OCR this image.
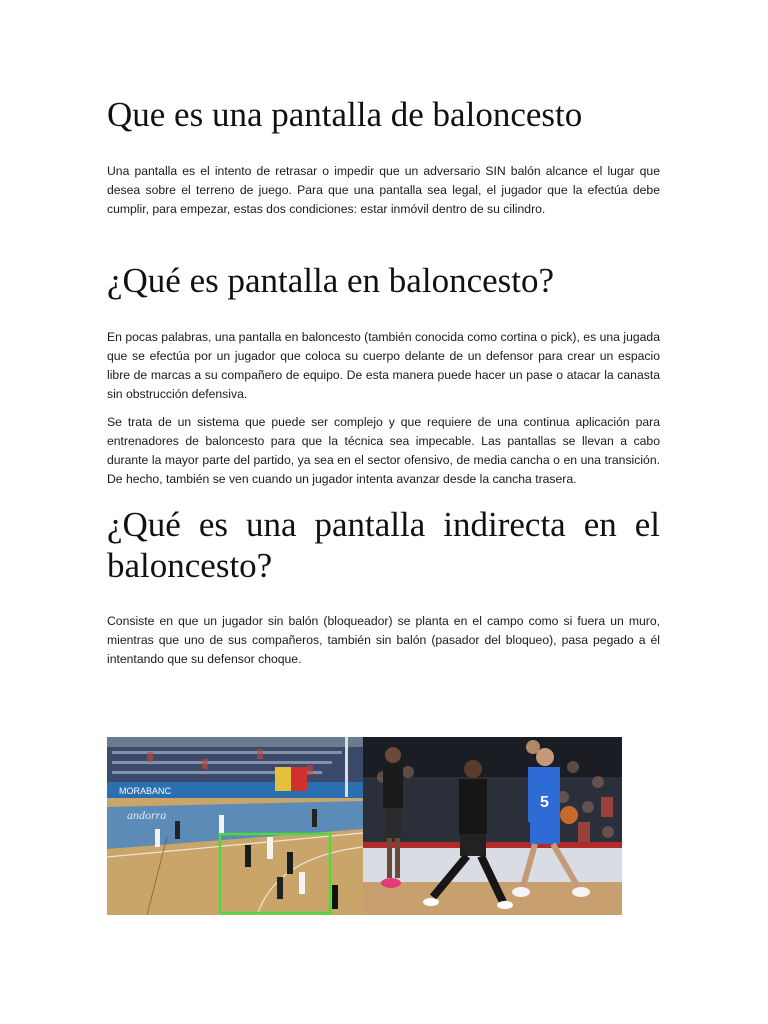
Que es una pantalla de baloncesto

Una pantalla es el intento de retrasar o impedir que un adversario SIN balón alcance el lugar que desea sobre el terreno de juego. Para que una pantalla sea legal, el jugador que la efectúa debe cumplir, para empezar, estas dos condiciones: estar inmóvil dentro de su cilindro.

¿Qué es pantalla en baloncesto?

En pocas palabras, una pantalla en baloncesto (también conocida como cortina o pick), es una jugada que se efectúa por un jugador que coloca su cuerpo delante de un defensor para crear un espacio libre de marcas a su compañero de equipo. De esta manera puede hacer un pase o atacar la canasta sin obstrucción defensiva.

Se trata de un sistema que puede ser complejo y que requiere de una continua aplicación para entrenadores de baloncesto para que la técnica sea impecable. Las pantallas se llevan a cabo durante la mayor parte del partido, ya sea en el sector ofensivo, de media cancha o en una transición. De hecho, también se ven cuando un jugador intenta avanzar desde la cancha trasera.

¿Qué es una pantalla indirecta en el
baloncesto?

Consiste en que un jugador sin balón (bloqueador) se planta en el campo como si fuera un muro, mientras que uno de sus compañeros, también sin balón (pasador del bloqueo), pasa pegado a él intentando que su defensor choque.

MORABANC
andorra
5
